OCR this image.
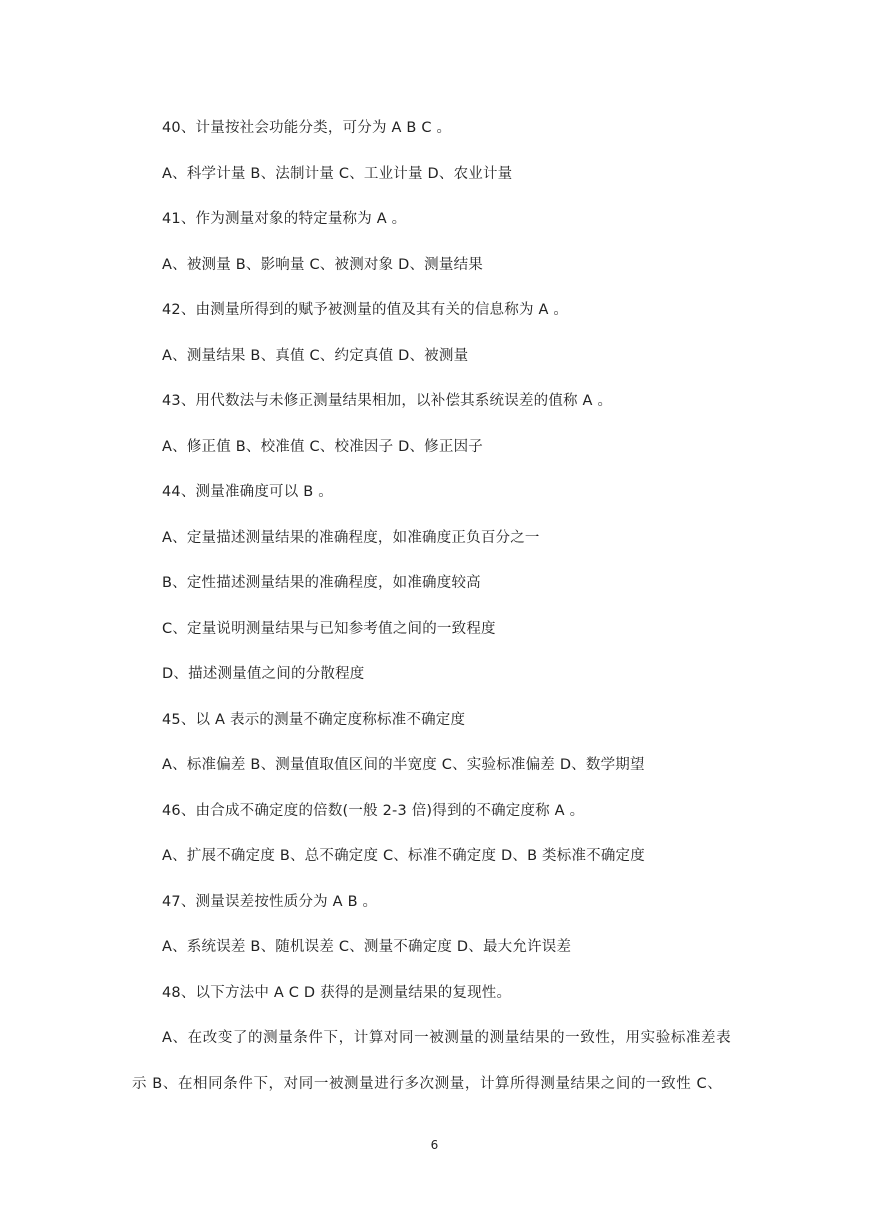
40、计量按社会功能分类，可分为 A B C 。
A、科学计量 B、法制计量 C、工业计量 D、农业计量
41、作为测量对象的特定量称为 A 。
A、被测量 B、影响量 C、被测对象 D、测量结果
42、由测量所得到的赋予被测量的值及其有关的信息称为 A 。
A、测量结果 B、真值 C、约定真值 D、被测量
43、用代数法与未修正测量结果相加，以补偿其系统误差的值称 A 。
A、修正值 B、校准值 C、校准因子 D、修正因子
44、测量准确度可以 B 。
A、定量描述测量结果的准确程度，如准确度正负百分之一
B、定性描述测量结果的准确程度，如准确度较高
C、定量说明测量结果与已知参考值之间的一致程度
D、描述测量值之间的分散程度
45、以 A 表示的测量不确定度称标准不确定度
A、标准偏差 B、测量值取值区间的半宽度 C、实验标准偏差 D、数学期望
46、由合成不确定度的倍数(一般 2-3 倍)得到的不确定度称 A 。
A、扩展不确定度 B、总不确定度 C、标准不确定度 D、B 类标准不确定度
47、测量误差按性质分为 A B 。
A、系统误差 B、随机误差 C、测量不确定度 D、最大允许误差
48、以下方法中 A C D 获得的是测量结果的复现性。
A、在改变了的测量条件下，计算对同一被测量的测量结果的一致性，用实验标准差表示 B、在相同条件下，对同一被测量进行多次测量，计算所得测量结果之间的一致性 C、
6
